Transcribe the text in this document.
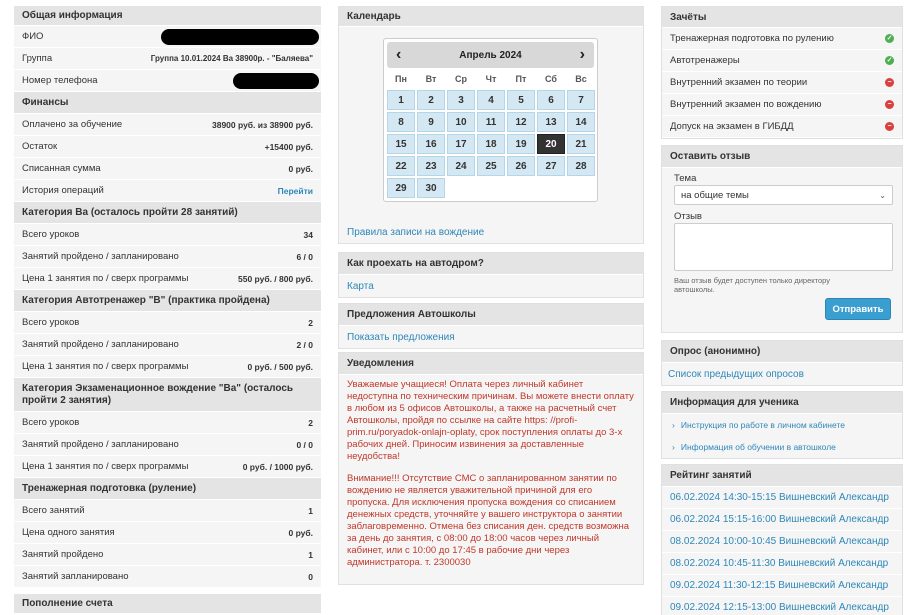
Общая информация
ФИО
Группа	Группа 10.01.2024 Ва 38900р. - "Баляева"
Номер телефона
Финансы
Оплачено за обучение	38900 руб. из 38900 руб.
Остаток	+15400 руб.
Списанная сумма	0 руб.
История операций	Перейти
Категория Ва (осталось пройти 28 занятий)
Всего уроков	34
Занятий пройдено / запланировано	6 / 0
Цена 1 занятия по / сверх программы	550 руб. / 800 руб.
Категория Автотренажер "В" (практика пройдена)
Всего уроков	2
Занятий пройдено / запланировано	2 / 0
Цена 1 занятия по / сверх программы	0 руб. / 500 руб.
Категория Экзаменационное вождение "Ва" (осталось пройти 2 занятия)
Всего уроков	2
Занятий пройдено / запланировано	0 / 0
Цена 1 занятия по / сверх программы	0 руб. / 1000 руб.
Тренажерная подготовка (руление)
Всего занятий	1
Цена одного занятия	0 руб.
Занятий пройдено	1
Занятий запланировано	0
Пополнение счета
Календарь
‹	Апрель 2024	›
Пн	Вт	Ср	Чт	Пт	Сб	Вс
1	2	3	4	5	6	7
8	9	10	11	12	13	14
15	16	17	18	19	20	21
22	23	24	25	26	27	28
29	30
Правила записи на вождение
Как проехать на автодром?
Карта
Предложения Автошколы
Показать предложения
Уведомления
Уважаемые учащиеся! Оплата через личный кабинет недоступна по техническим причинам. Вы можете внести оплату в любом из 5 офисов Автошколы, а также на расчетный счет Автошколы, пройдя по ссылке на сайте https: //profi-prim.ru/poryadok-onlajn-oplaty, срок поступления оплаты до 3-х рабочих дней. Приносим извинения за доставленные неудобства!
Внимание!!! Отсутствие СМС о запланированном занятии по вождению не является уважительной причиной для его пропуска. Для исключения пропуска вождения со списанием денежных средств, уточняйте у вашего инструктора о занятии заблаговременно. Отмена без списания ден. средств возможна за день до занятия, с 08:00 до 18:00 часов через личный кабинет, или с 10:00 до 17:45 в рабочие дни через администратора. т. 2300030
Зачёты
Тренажерная подготовка по рулению	✓
Автотренажеры	✓
Внутренний экзамен по теории	−
Внутренний экзамен по вождению	−
Допуск на экзамен в ГИБДД	−
Оставить отзыв
Тема
на общие темы	⌄
Отзыв
Ваш отзыв будет доступен только директору автошколы.
Отправить
Опрос (анонимно)
Список предыдущих опросов
Информация для ученика
› Инструкция по работе в личном кабинете
› Информация об обучении в автошколе
Рейтинг занятий
06.02.2024 14:30-15:15 Вишневский Александр
06.02.2024 15:15-16:00 Вишневский Александр
08.02.2024 10:00-10:45 Вишневский Александр
08.02.2024 10:45-11:30 Вишневский Александр
09.02.2024 11:30-12:15 Вишневский Александр
09.02.2024 12:15-13:00 Вишневский Александр
